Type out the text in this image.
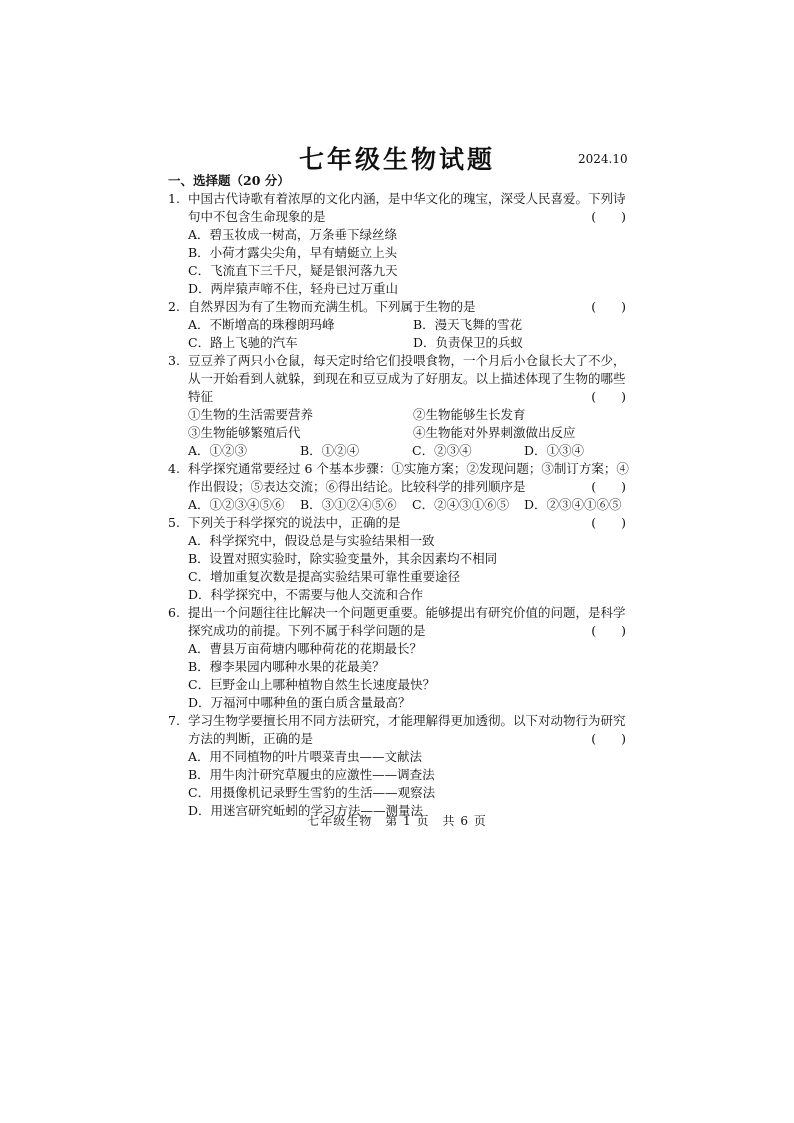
七年级生物试题	2024.10
一、选择题（20 分）
1. 中国古代诗歌有着浓厚的文化内涵，是中华文化的瑰宝，深受人民喜爱。下列诗
句中不包含生命现象的是	(　　)
A．碧玉妆成一树高，万条垂下绿丝绦
B．小荷才露尖尖角，早有蜻蜓立上头
C．飞流直下三千尺，疑是银河落九天
D．两岸猿声啼不住，轻舟已过万重山
2. 自然界因为有了生物而充满生机。下列属于生物的是	(　　)
A．不断增高的珠穆朗玛峰	B．漫天飞舞的雪花
C．路上飞驰的汽车	D．负责保卫的兵蚁
3. 豆豆养了两只小仓鼠，每天定时给它们投喂食物，一个月后小仓鼠长大了不少，
从一开始看到人就躲，到现在和豆豆成为了好朋友。以上描述体现了生物的哪些
特征	(　　)
①生物的生活需要营养	②生物能够生长发育
③生物能够繁殖后代	④生物能对外界刺激做出反应
A．①②③	B．①②④	C．②③④	D．①③④
4. 科学探究通常要经过 6 个基本步骤：①实施方案；②发现问题；③制订方案；④
作出假设；⑤表达交流；⑥得出结论。比较科学的排列顺序是	(　　)
A．①②③④⑤⑥	B．③①②④⑤⑥	C．②④③①⑥⑤	D．②③④①⑥⑤
5. 下列关于科学探究的说法中，正确的是	(　　)
A．科学探究中，假设总是与实验结果相一致
B．设置对照实验时，除实验变量外，其余因素均不相同
C．增加重复次数是提高实验结果可靠性重要途径
D．科学探究中，不需要与他人交流和合作
6. 提出一个问题往往比解决一个问题更重要。能够提出有研究价值的问题，是科学
探究成功的前提。下列不属于科学问题的是	(　　)
A．曹县万亩荷塘内哪种荷花的花期最长？
B．穆李果园内哪种水果的花最美？
C．巨野金山上哪种植物自然生长速度最快？
D．万福河中哪种鱼的蛋白质含量最高？
7. 学习生物学要擅长用不同方法研究，才能理解得更加透彻。以下对动物行为研究
方法的判断，正确的是	(　　)
A．用不同植物的叶片喂菜青虫——文献法
B．用牛肉汁研究草履虫的应激性——调查法
C．用摄像机记录野生雪豹的生活——观察法
D．用迷宫研究蚯蚓的学习方法——测量法
七年级生物　第 1 页　共 6 页
